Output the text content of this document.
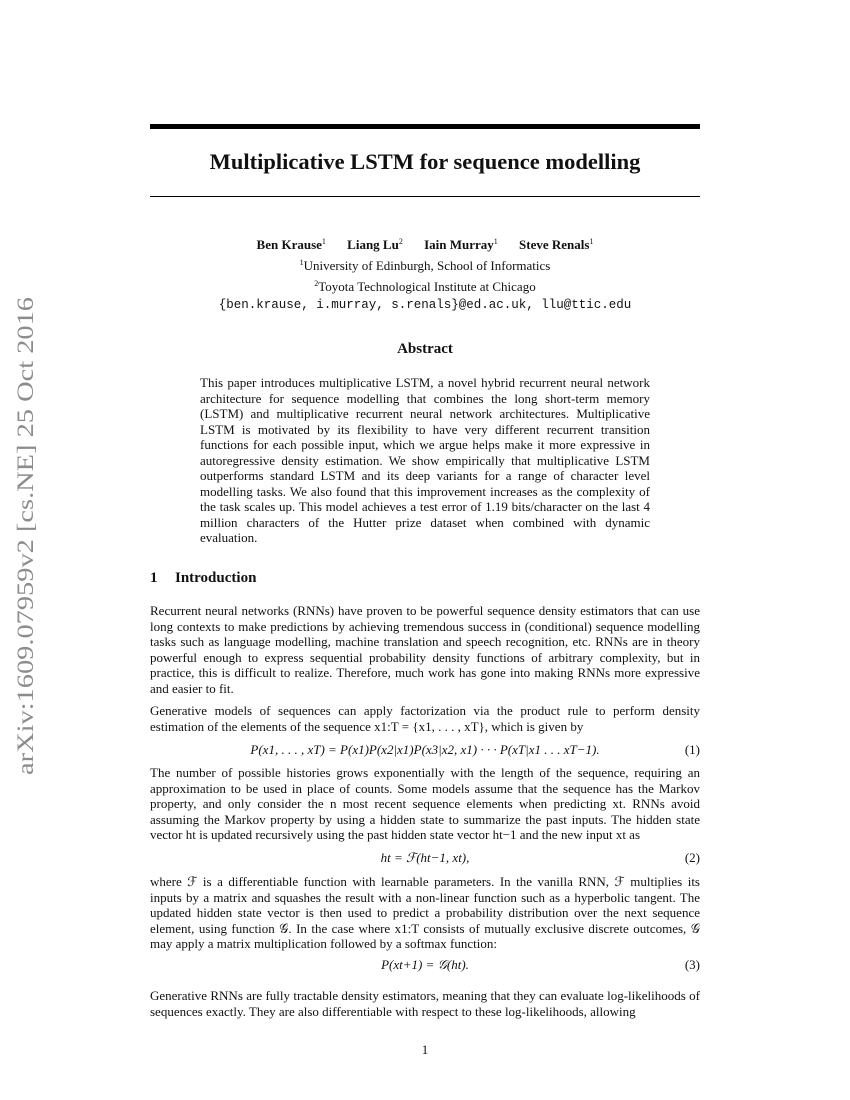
arXiv:1609.07959v2 [cs.NE] 25 Oct 2016
Multiplicative LSTM for sequence modelling
Ben Krause$^1$ Liang Lu$^2$ Iain Murray$^1$ Steve Renals$^1$
$^1$University of Edinburgh, School of Informatics
$^2$Toyota Technological Institute at Chicago
{ben.krause, i.murray, s.renals}@ed.ac.uk, llu@ttic.edu
Abstract

This paper introduces multiplicative LSTM, a novel hybrid recurrent neural network architecture for sequence modelling that combines the long short-term memory (LSTM) and multiplicative recurrent neural network architectures. Multiplicative LSTM is motivated by its flexibility to have very different recurrent transition functions for each possible input, which we argue helps make it more expressive in autoregressive density estimation. We show empirically that multiplicative LSTM outperforms standard LSTM and its deep variants for a range of character level modelling tasks. We also found that this improvement increases as the complexity of the task scales up. This model achieves a test error of 1.19 bits/character on the last 4 million characters of the Hutter prize dataset when combined with dynamic evaluation.

1 Introduction

Recurrent neural networks (RNNs) have proven to be powerful sequence density estimators that can use long contexts to make predictions by achieving tremendous success in (conditional) sequence modelling tasks such as language modelling, machine translation and speech recognition, etc. RNNs are in theory powerful enough to express sequential probability density functions of arbitrary complexity, but in practice, this is difficult to realize. Therefore, much work has gone into making RNNs more expressive and easier to fit.

Generative models of sequences can apply factorization via the product rule to perform density estimation of the elements of the sequence x1:T = {x1, . . . , xT}, which is given by

P(x1, . . . , xT) = P(x1)P(x2|x1)P(x3|x2, x1) · · · P(xT|x1 . . . xT−1).	(1)

The number of possible histories grows exponentially with the length of the sequence, requiring an approximation to be used in place of counts. Some models assume that the sequence has the Markov property, and only consider the n most recent sequence elements when predicting xt. RNNs avoid assuming the Markov property by using a hidden state to summarize the past inputs. The hidden state vector ht is updated recursively using the past hidden state vector ht−1 and the new input xt as

ht = ℱ(ht−1, xt),	(2)

where ℱ is a differentiable function with learnable parameters. In the vanilla RNN, ℱ multiplies its inputs by a matrix and squashes the result with a non-linear function such as a hyperbolic tangent. The updated hidden state vector is then used to predict a probability distribution over the next sequence element, using function 𝒢. In the case where x1:T consists of mutually exclusive discrete outcomes, 𝒢 may apply a matrix multiplication followed by a softmax function:

P(xt+1) = 𝒢(ht).	(3)

Generative RNNs are fully tractable density estimators, meaning that they can evaluate log-likelihoods of sequences exactly. They are also differentiable with respect to these log-likelihoods, allowing

1
